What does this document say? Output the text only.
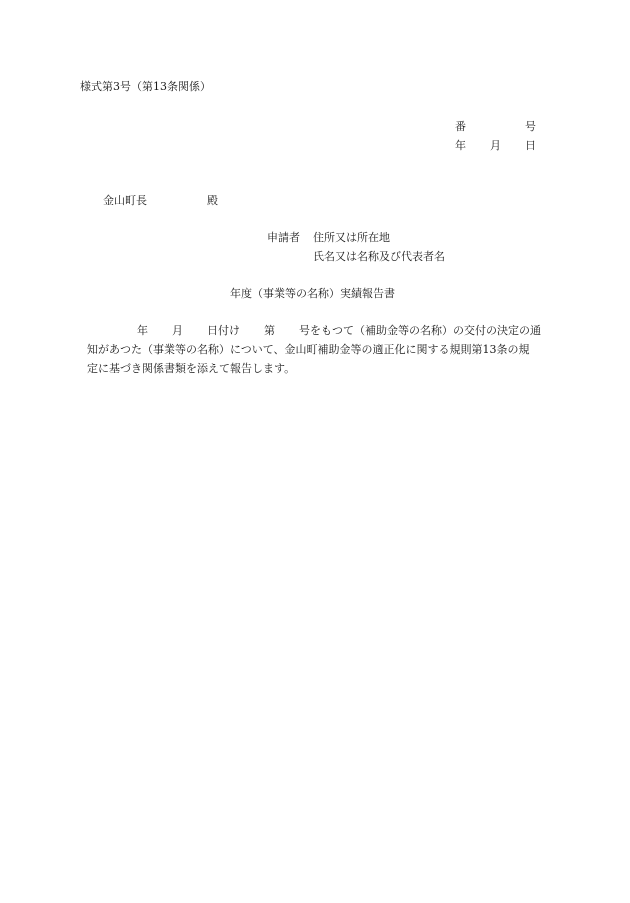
様式第3号（第13条関係）
番	号
年 月 日
金山町長	殿
申請者 住所又は所在地
氏名又は名称及び代表者名
年度（事業等の名称）実績報告書
年 月 日付け 第 号をもつて（補助金等の名称）の交付の決定の通
知があつた（事業等の名称）について、金山町補助金等の適正化に関する規則第13条の規
定に基づき関係書類を添えて報告します。
